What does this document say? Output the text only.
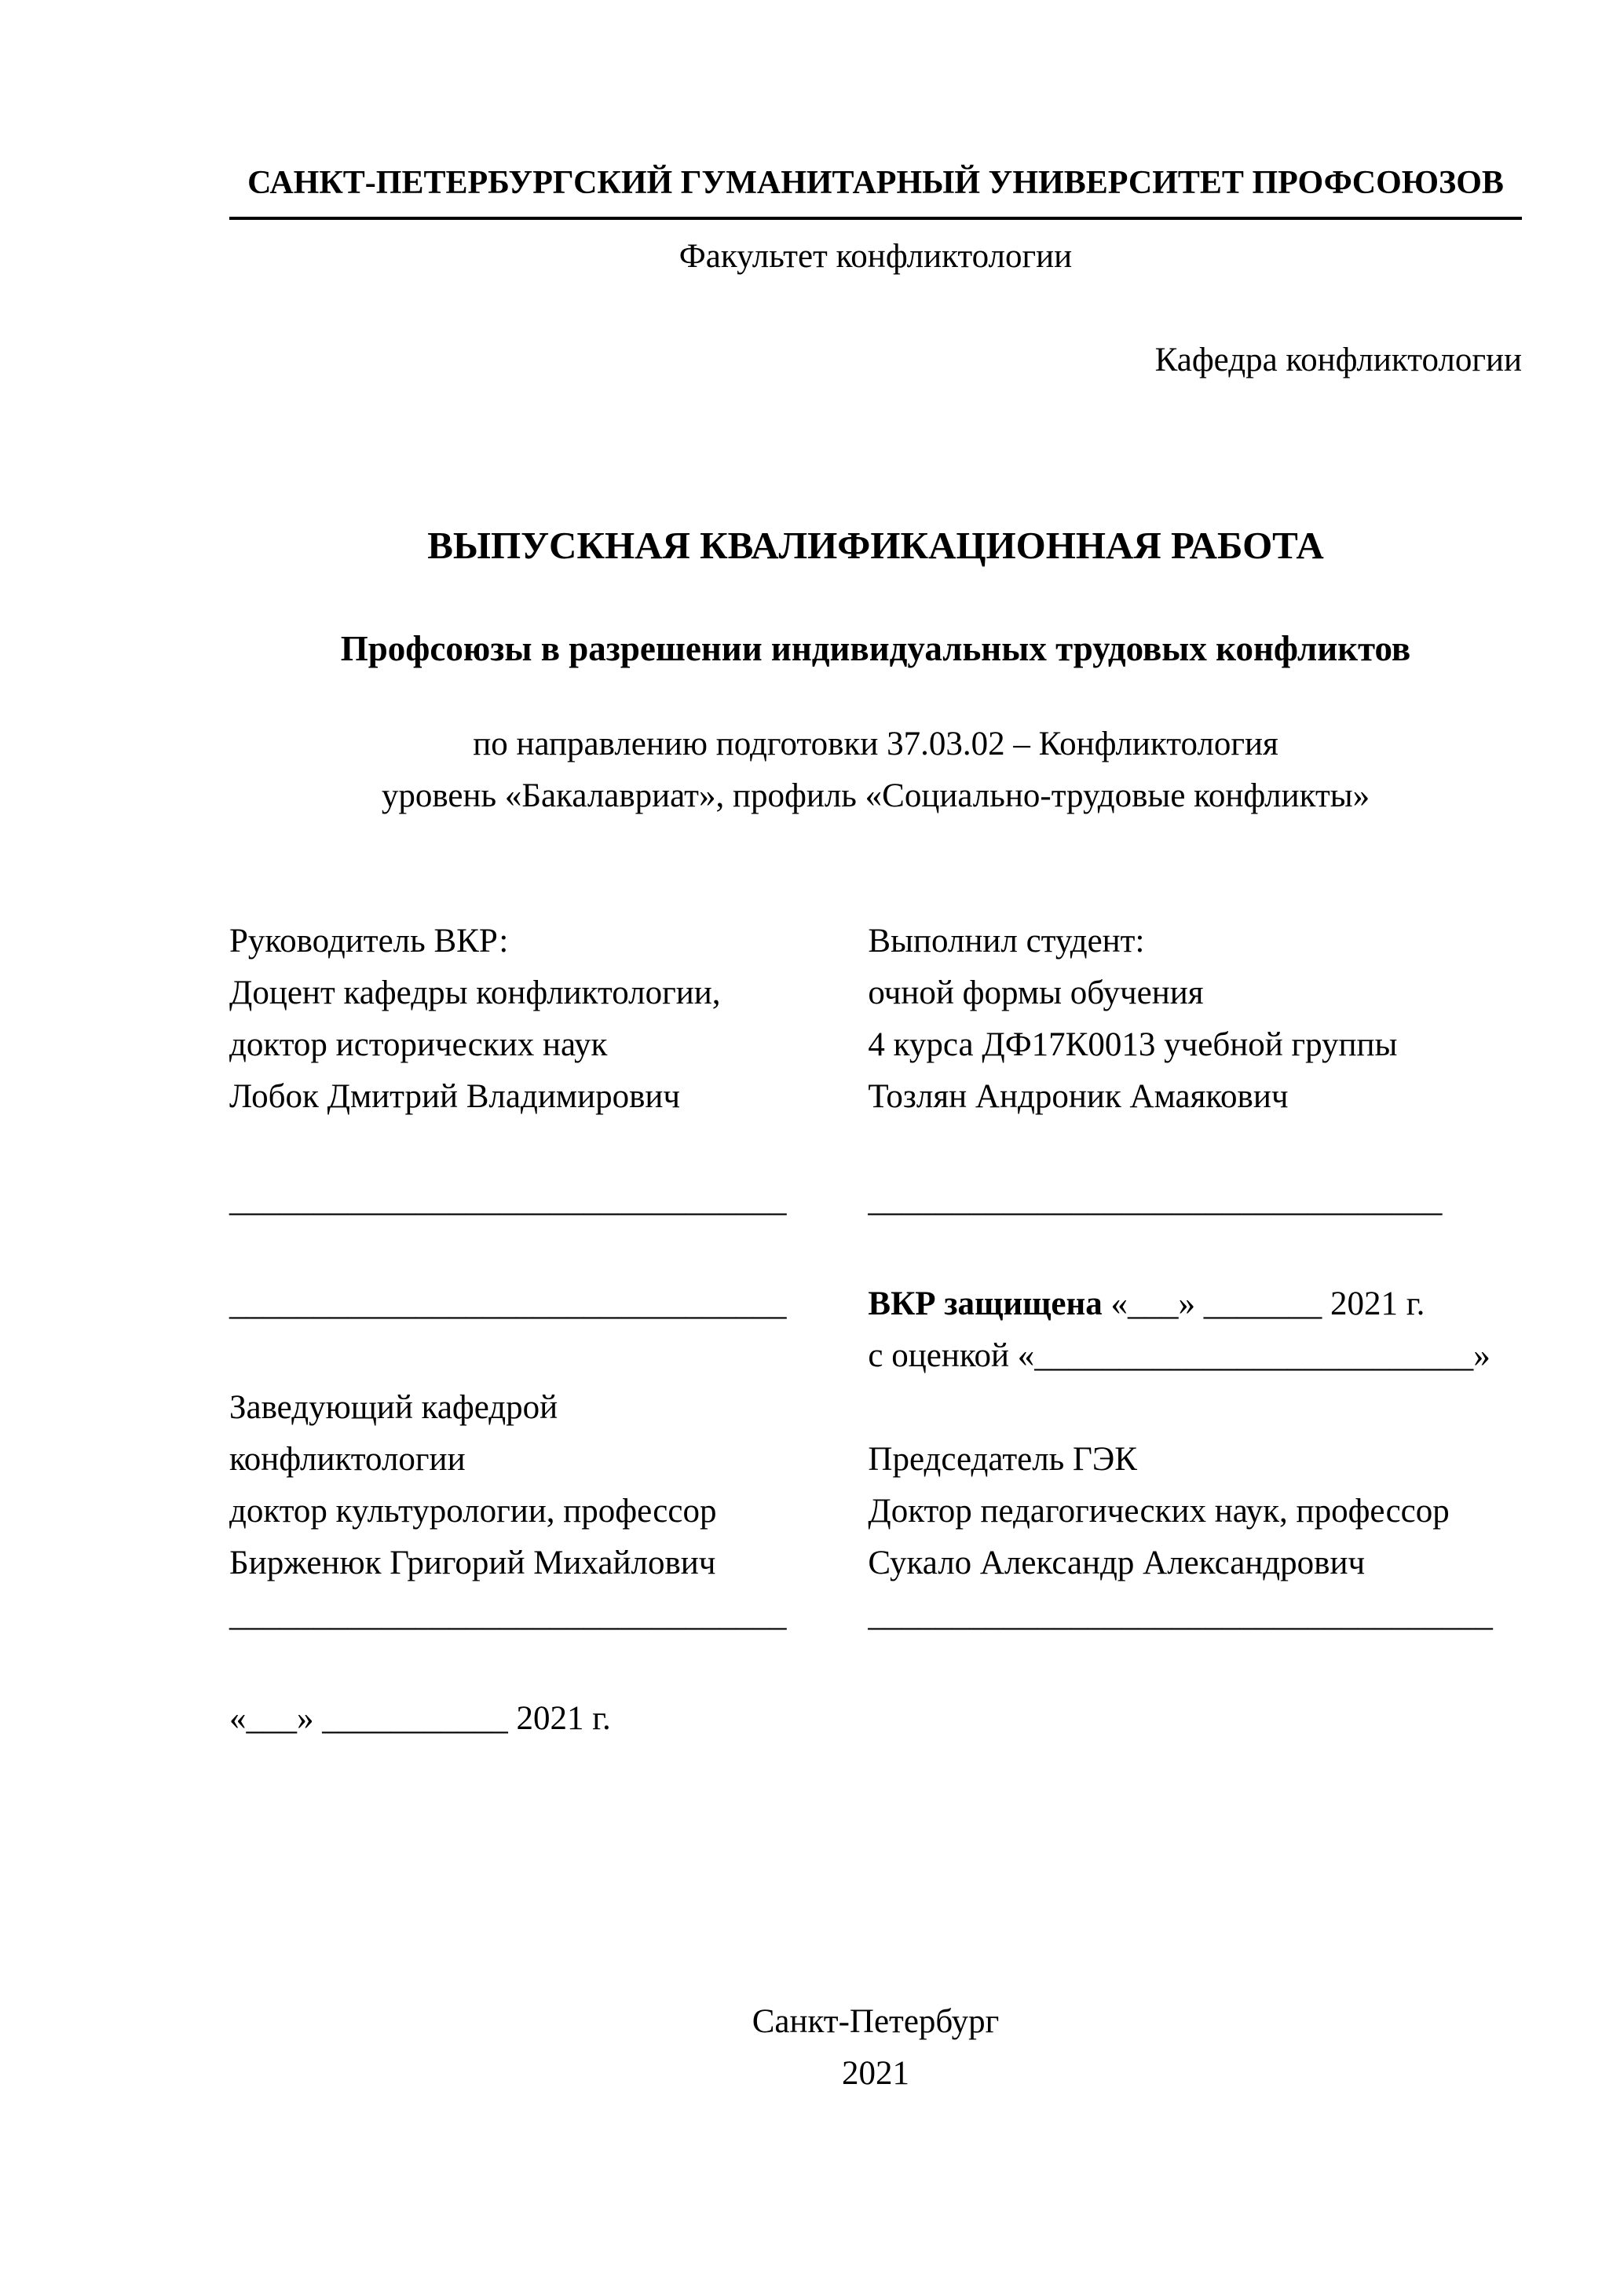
САНКТ-ПЕТЕРБУРГСКИЙ ГУМАНИТАРНЫЙ УНИВЕРСИТЕТ ПРОФСОЮЗОВ
Факультет конфликтологии
Кафедра конфликтологии
ВЫПУСКНАЯ КВАЛИФИКАЦИОННАЯ РАБОТА
Профсоюзы в разрешении индивидуальных трудовых конфликтов
по направлению подготовки 37.03.02 – Конфликтология
уровень «Бакалавриат», профиль «Социально-трудовые конфликты»
Руководитель ВКР:
Доцент кафедры конфликтологии,
доктор исторических наук
Лобок Дмитрий Владимирович
_________________________________
_________________________________
Заведующий кафедрой
конфликтологии
доктор культурологии, профессор
Бирженюк Григорий Михайлович
_________________________________
«___» ___________ 2021 г.
Выполнил студент:
очной формы обучения
4 курса ДФ17К0013 учебной группы
Тозлян Андроник Амаякович
__________________________________
ВКР защищена «___» _______ 2021 г.
с оценкой «__________________________»
Председатель ГЭК
Доктор педагогических наук, профессор
Сукало Александр Александрович
_____________________________________
Санкт-Петербург
2021
